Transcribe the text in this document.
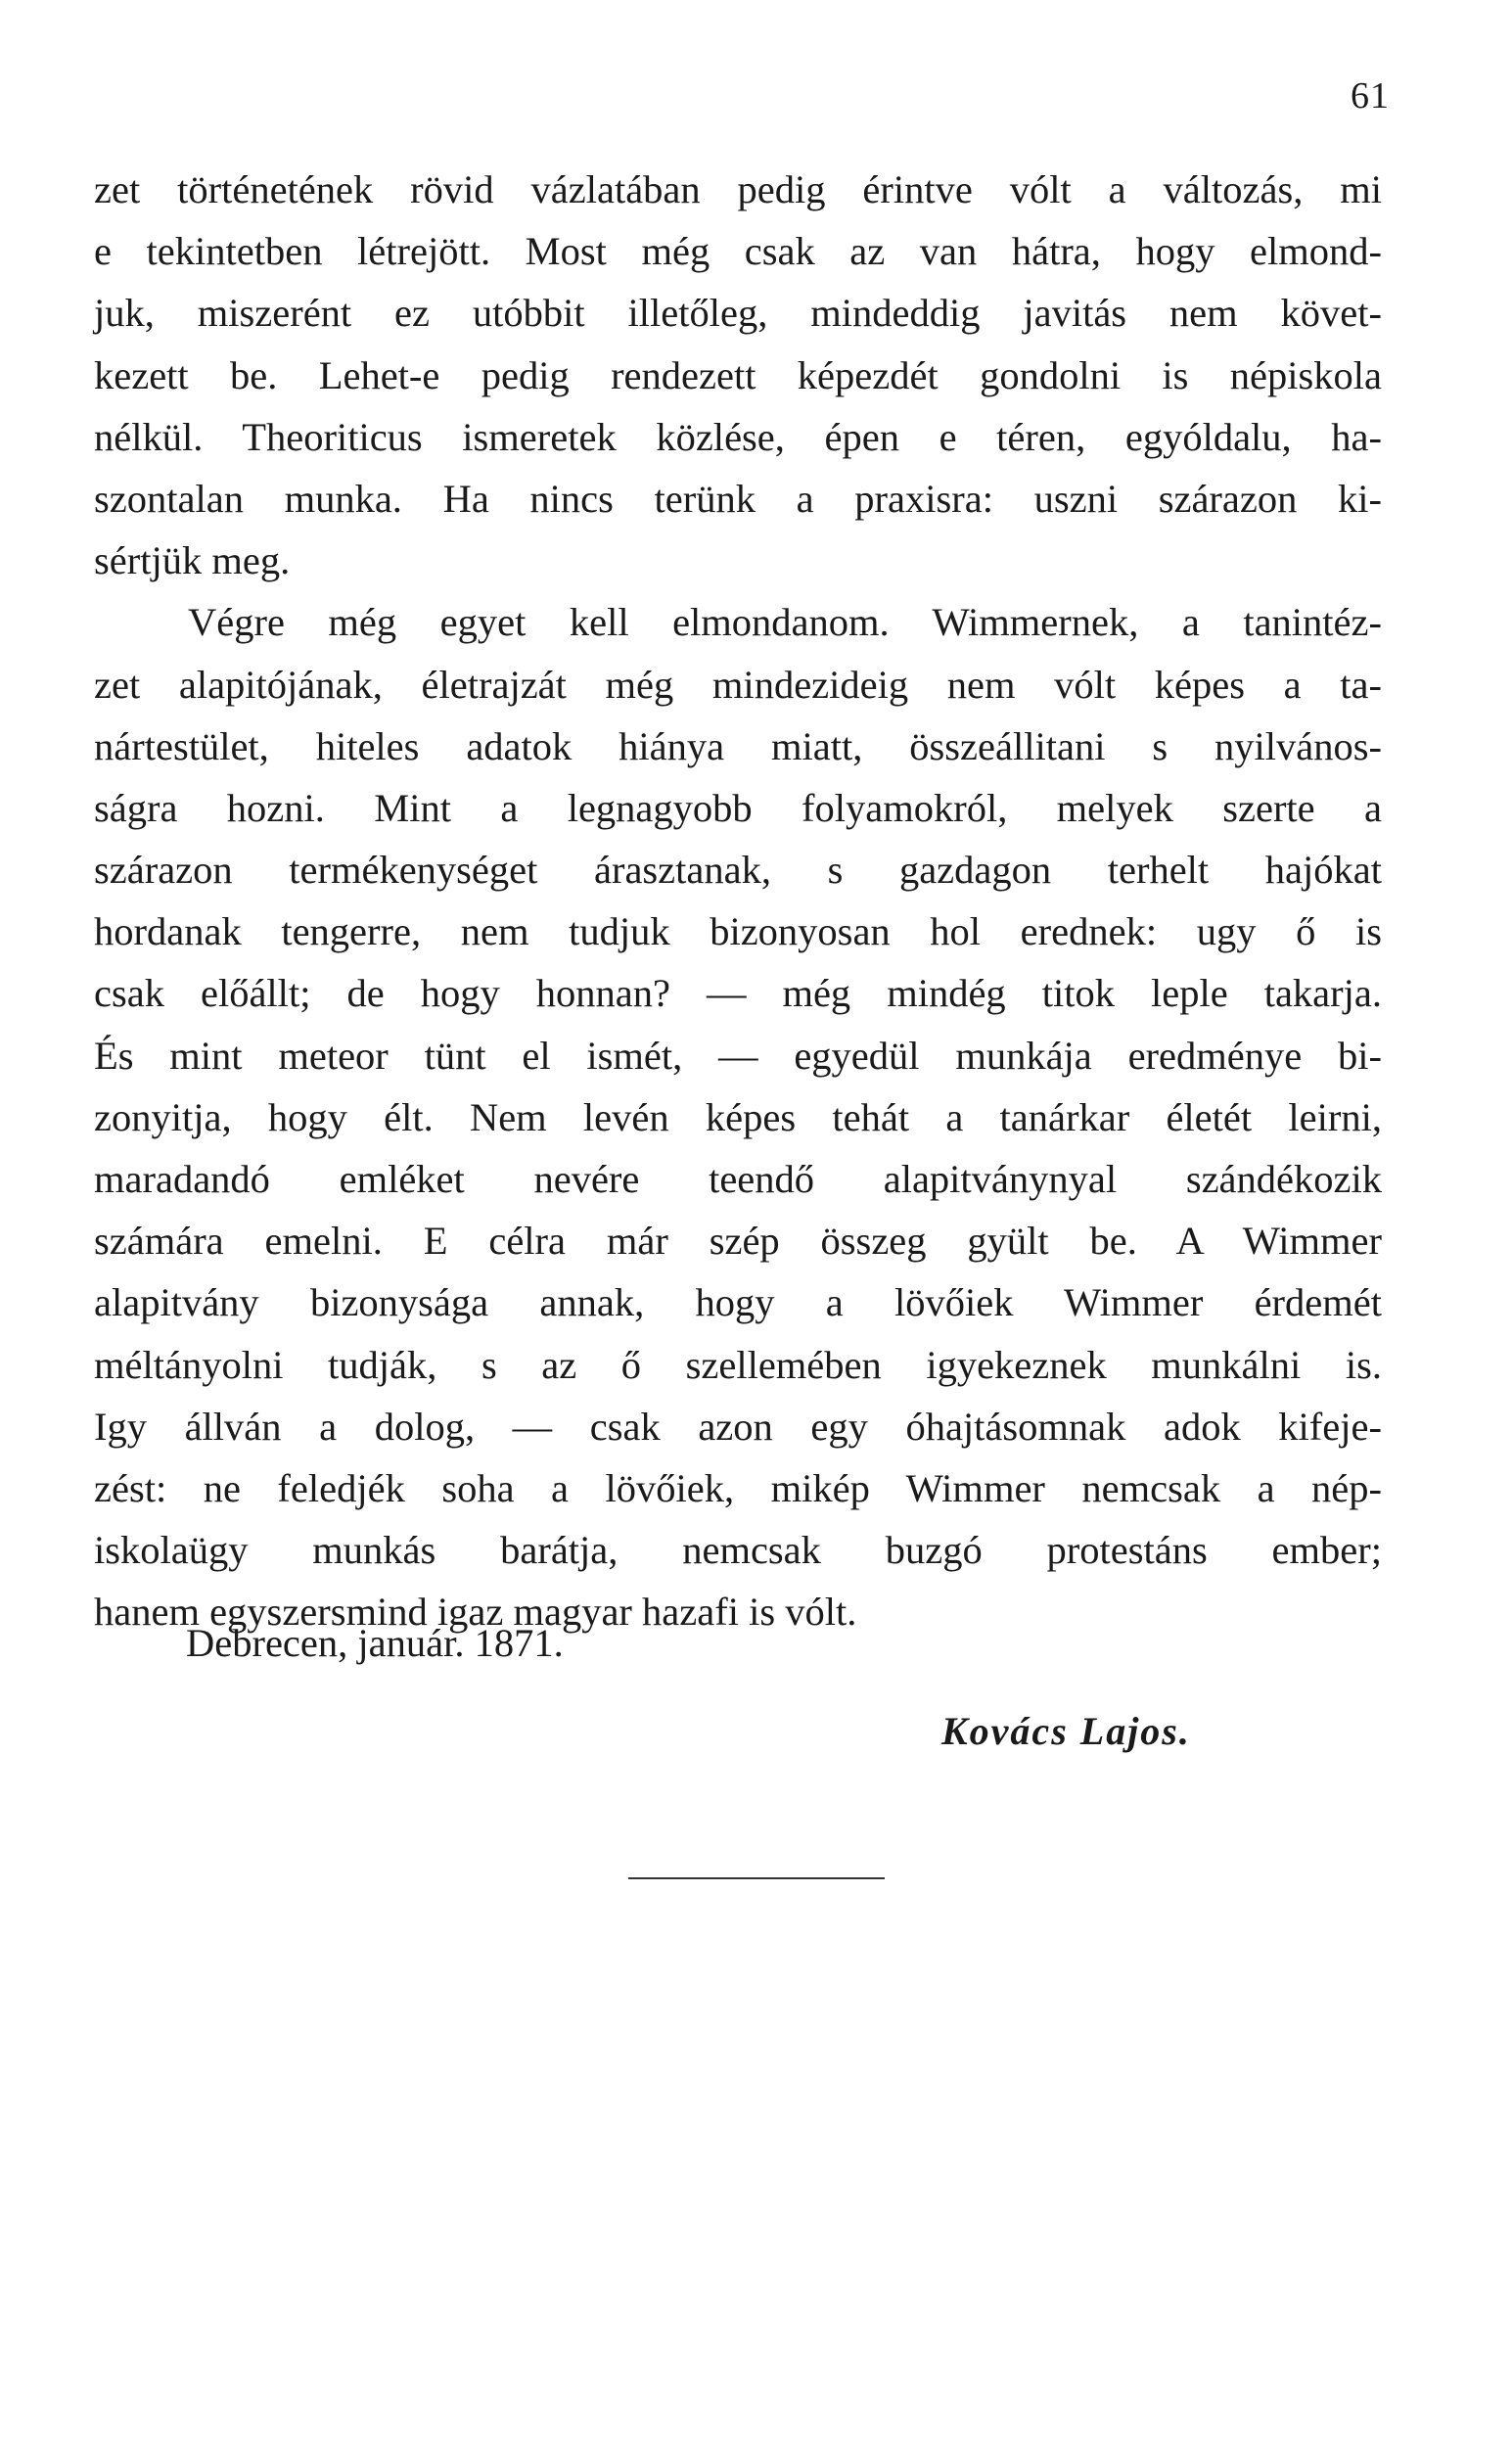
61
zet történetének rövid vázlatában pedig érintve vólt a változás, mi
e tekintetben létrejött. Most még csak az van hátra, hogy elmond-
juk, miszerént ez utóbbit illetőleg, mindeddig javitás nem követ-
kezett be. Lehet-e pedig rendezett képezdét gondolni is népiskola
nélkül. Theoriticus ismeretek közlése, épen e téren, egyóldalu, ha-
szontalan munka. Ha nincs terünk a praxisra: uszni szárazon ki-
sértjük meg.
Végre még egyet kell elmondanom. Wimmernek, a tanintéz-
zet alapitójának, életrajzát még mindezideig nem vólt képes a ta-
nártestület, hiteles adatok hiánya miatt, összeállitani s nyilvános-
ságra hozni. Mint a legnagyobb folyamokról, melyek szerte a
szárazon termékenységet árasztanak, s gazdagon terhelt hajókat
hordanak tengerre, nem tudjuk bizonyosan hol erednek: ugy ő is
csak előállt; de hogy honnan? — még mindég titok leple takarja.
És mint meteor tünt el ismét, — egyedül munkája eredménye bi-
zonyitja, hogy élt. Nem levén képes tehát a tanárkar életét leirni,
maradandó emléket nevére teendő alapitványnyal szándékozik
számára emelni. E célra már szép összeg gyült be. A Wimmer
alapitvány bizonysága annak, hogy a lövőiek Wimmer érdemét
méltányolni tudják, s az ő szellemében igyekeznek munkálni is.
Igy állván a dolog, — csak azon egy óhajtásomnak adok kifeje-
zést: ne feledjék soha a lövőiek, mikép Wimmer nemcsak a nép-
iskolaügy munkás barátja, nemcsak buzgó protestáns ember;
hanem egyszersmind igaz magyar hazafi is vólt.
Debrecen, január. 1871.
Kovács Lajos.
